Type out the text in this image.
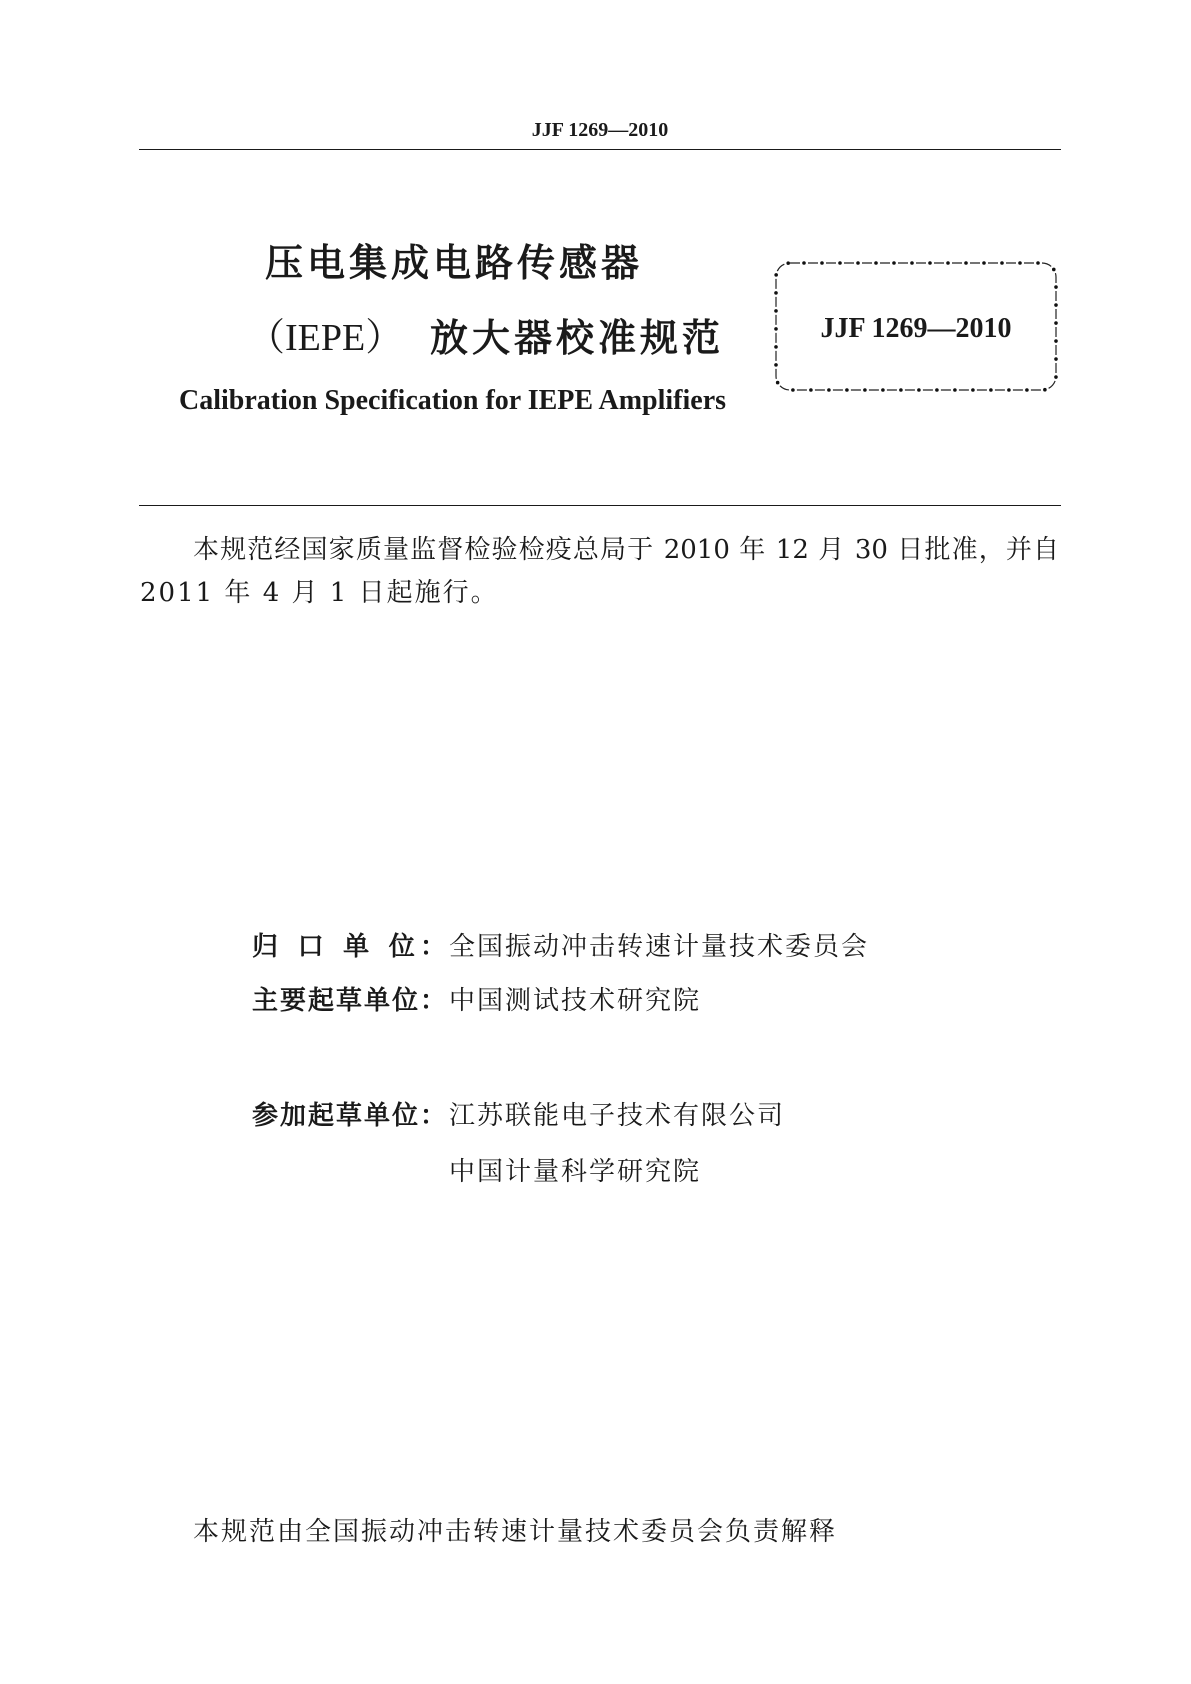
JJF 1269—2010
压电集成电路传感器
（IEPE） 放大器校准规范
Calibration Specification for IEPE Amplifiers
JJF 1269—2010
本规范经国家质量监督检验检疫总局于 2010 年 12 月 30 日批准，并自
2011 年 4 月 1 日起施行。
归 口 单 位： 全国振动冲击转速计量技术委员会
主要起草单位： 中国测试技术研究院
参加起草单位： 江苏联能电子技术有限公司
中国计量科学研究院
本规范由全国振动冲击转速计量技术委员会负责解释
